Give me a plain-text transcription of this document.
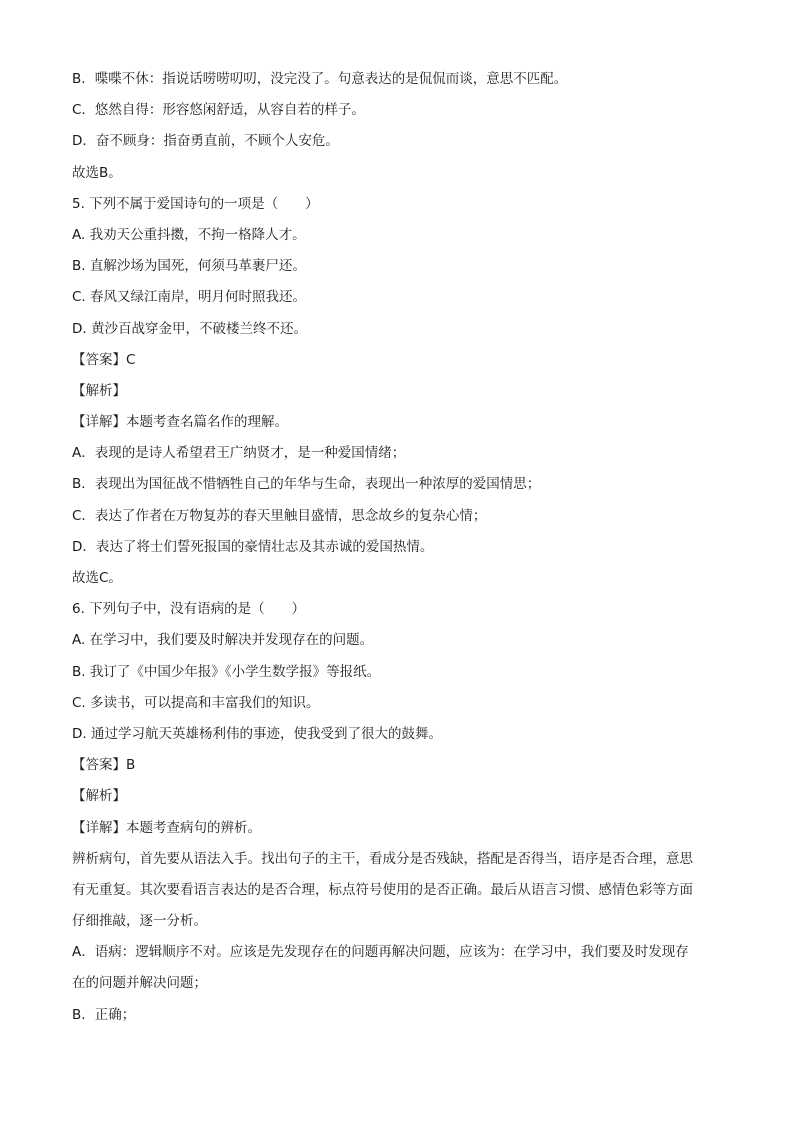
B．喋喋不休：指说话唠唠叨叨，没完没了。句意表达的是侃侃而谈，意思不匹配。
C．悠然自得：形容悠闲舒适，从容自若的样子。
D．奋不顾身：指奋勇直前，不顾个人安危。
故选B。
5. 下列不属于爱国诗句的一项是（　　）
A. 我劝天公重抖擞，不拘一格降人才。
B. 直解沙场为国死，何须马革裹尸还。
C. 春风又绿江南岸，明月何时照我还。
D. 黄沙百战穿金甲，不破楼兰终不还。
【答案】C
【解析】
【详解】本题考查名篇名作的理解。
A．表现的是诗人希望君王广纳贤才，是一种爱国情绪；
B．表现出为国征战不惜牺牲自己的年华与生命，表现出一种浓厚的爱国情思；
C．表达了作者在万物复苏的春天里触目盛情，思念故乡的复杂心情；
D．表达了将士们誓死报国的豪情壮志及其赤诚的爱国热情。
故选C。
6. 下列句子中，没有语病的是（　　）
A. 在学习中，我们要及时解决并发现存在的问题。
B. 我订了《中国少年报》《小学生数学报》等报纸。
C. 多读书，可以提高和丰富我们的知识。
D. 通过学习航天英雄杨利伟的事迹，使我受到了很大的鼓舞。
【答案】B
【解析】
【详解】本题考查病句的辨析。
辨析病句，首先要从语法入手。找出句子的主干，看成分是否残缺，搭配是否得当，语序是否合理，意思
有无重复。其次要看语言表达的是否合理，标点符号使用的是否正确。最后从语言习惯、感情色彩等方面
仔细推敲，逐一分析。
A．语病：逻辑顺序不对。应该是先发现存在的问题再解决问题，应该为：在学习中，我们要及时发现存
在的问题并解决问题；
B．正确；
